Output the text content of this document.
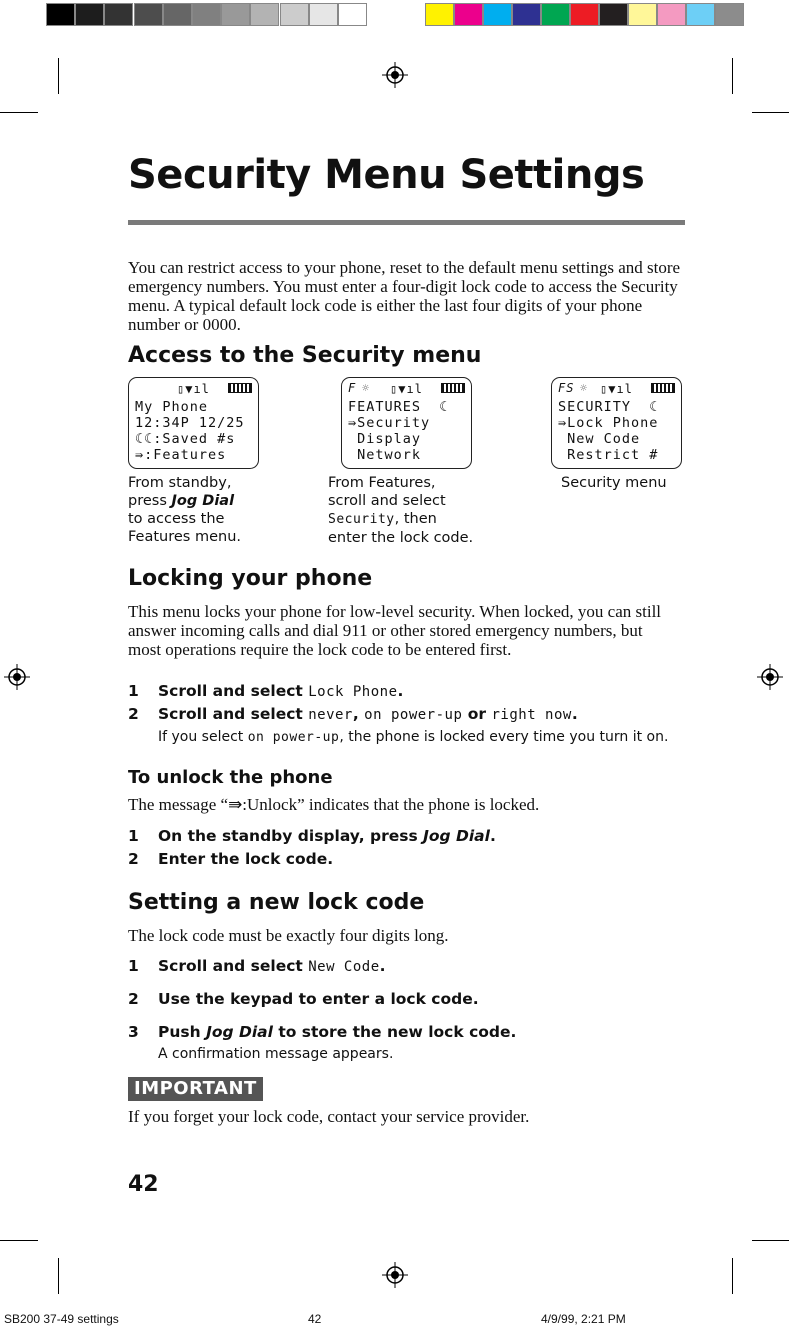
Security Menu Settings

You can restrict access to your phone, reset to the default menu settings and store emergency numbers. You must enter a four-digit lock code to access the Security menu. A typical default lock code is either the last four digits of your phone number or 0000.

Access to the Security menu
▯▼ıl
My Phone
12:34P 12/25
☾☾:Saved #s
⇛:Features
From standby,
press Jog Dial
to access the
Features menu.
F ☼ ▯▼ıl
FEATURES  ☾
⇛Security
Display
Network
From Features,
scroll and select
Security, then
enter the lock code.
FS ☼ ▯▼ıl
SECURITY  ☾
⇛Lock Phone
New Code
Restrict #
Security menu
Locking your phone

This menu locks your phone for low-level security. When locked, you can still answer incoming calls and dial 911 or other stored emergency numbers, but most operations require the lock code to be entered first.

1 Scroll and select Lock Phone.
2 Scroll and select never, on power-up or right now.
If you select on power-up, the phone is locked every time you turn it on.
To unlock the phone

The message “⇛:Unlock” indicates that the phone is locked.

1 On the standby display, press Jog Dial.
2 Enter the lock code.
Setting a new lock code

The lock code must be exactly four digits long.

1 Scroll and select New Code.
2 Use the keypad to enter a lock code.
3 Push Jog Dial to store the new lock code.
A confirmation message appears.
IMPORTANT

If you forget your lock code, contact your service provider.

42
SB200 37-49 settings	42	4/9/99, 2:21 PM
